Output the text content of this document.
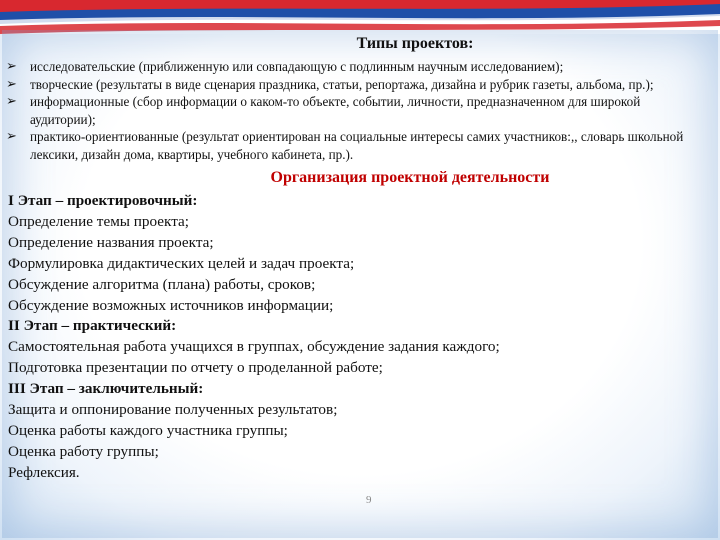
Типы проектов:
➢ исследовательские (приближенную или совпадающую с подлинным научным исследованием);
➢ творческие (результаты в виде сценария праздника, статьи, репортажа, дизайна и рубрик газеты, альбома, пр.);
➢ информационные (сбор информации о каком-то объекте, событии, личности, предназначенном для широкой аудитории);
➢ практико-ориентиованные (результат ориентирован на социальные интересы самих участников:,, словарь школьной лексики, дизайн дома, квартиры, учебного кабинета, пр.).
Организация проектной деятельности
I Этап – проектировочный:
Определение темы проекта;
Определение названия проекта;
Формулировка дидактических целей и задач проекта;
Обсуждение алгоритма (плана) работы, сроков;
Обсуждение возможных источников информации;
II Этап – практический:
Самостоятельная работа учащихся в группах, обсуждение задания каждого;
Подготовка презентации по отчету о проделанной работе;
III Этап – заключительный:
Защита и оппонирование полученных результатов;
Оценка работы каждого участника группы;
Оценка работу группы;
Рефлексия.
9
